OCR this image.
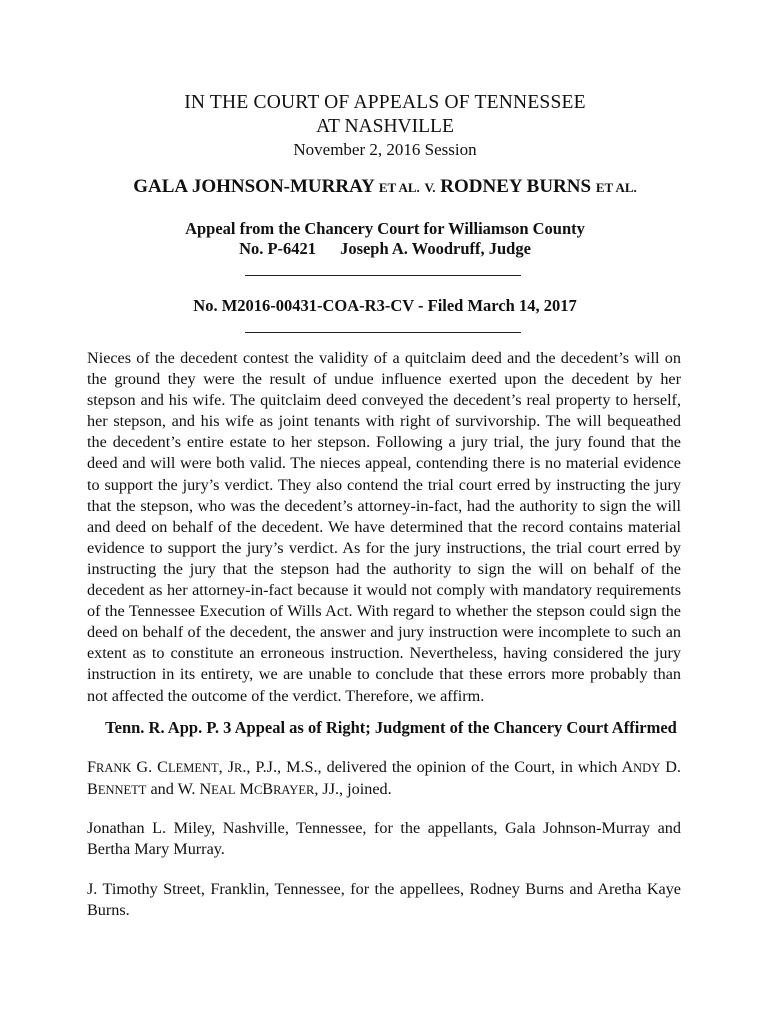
IN THE COURT OF APPEALS OF TENNESSEE
AT NASHVILLE
November 2, 2016 Session
GALA JOHNSON-MURRAY ET AL. V. RODNEY BURNS ET AL.
Appeal from the Chancery Court for Williamson County
No. P-6421 Joseph A. Woodruff, Judge
No. M2016-00431-COA-R3-CV - Filed March 14, 2017
Nieces of the decedent contest the validity of a quitclaim deed and the decedent’s will on the ground they were the result of undue influence exerted upon the decedent by her stepson and his wife. The quitclaim deed conveyed the decedent’s real property to herself, her stepson, and his wife as joint tenants with right of survivorship. The will bequeathed the decedent’s entire estate to her stepson. Following a jury trial, the jury found that the deed and will were both valid. The nieces appeal, contending there is no material evidence to support the jury’s verdict. They also contend the trial court erred by instructing the jury that the stepson, who was the decedent’s attorney-in-fact, had the authority to sign the will and deed on behalf of the decedent. We have determined that the record contains material evidence to support the jury’s verdict. As for the jury instructions, the trial court erred by instructing the jury that the stepson had the authority to sign the will on behalf of the decedent as her attorney-in-fact because it would not comply with mandatory requirements of the Tennessee Execution of Wills Act. With regard to whether the stepson could sign the deed on behalf of the decedent, the answer and jury instruction were incomplete to such an extent as to constitute an erroneous instruction. Nevertheless, having considered the jury instruction in its entirety, we are unable to conclude that these errors more probably than not affected the outcome of the verdict. Therefore, we affirm.
Tenn. R. App. P. 3 Appeal as of Right; Judgment of the Chancery Court Affirmed
FRANK G. CLEMENT, JR., P.J., M.S., delivered the opinion of the Court, in which ANDY D. BENNETT and W. NEAL MCBRAYER, JJ., joined.
Jonathan L. Miley, Nashville, Tennessee, for the appellants, Gala Johnson-Murray and Bertha Mary Murray.
J. Timothy Street, Franklin, Tennessee, for the appellees, Rodney Burns and Aretha Kaye Burns.
